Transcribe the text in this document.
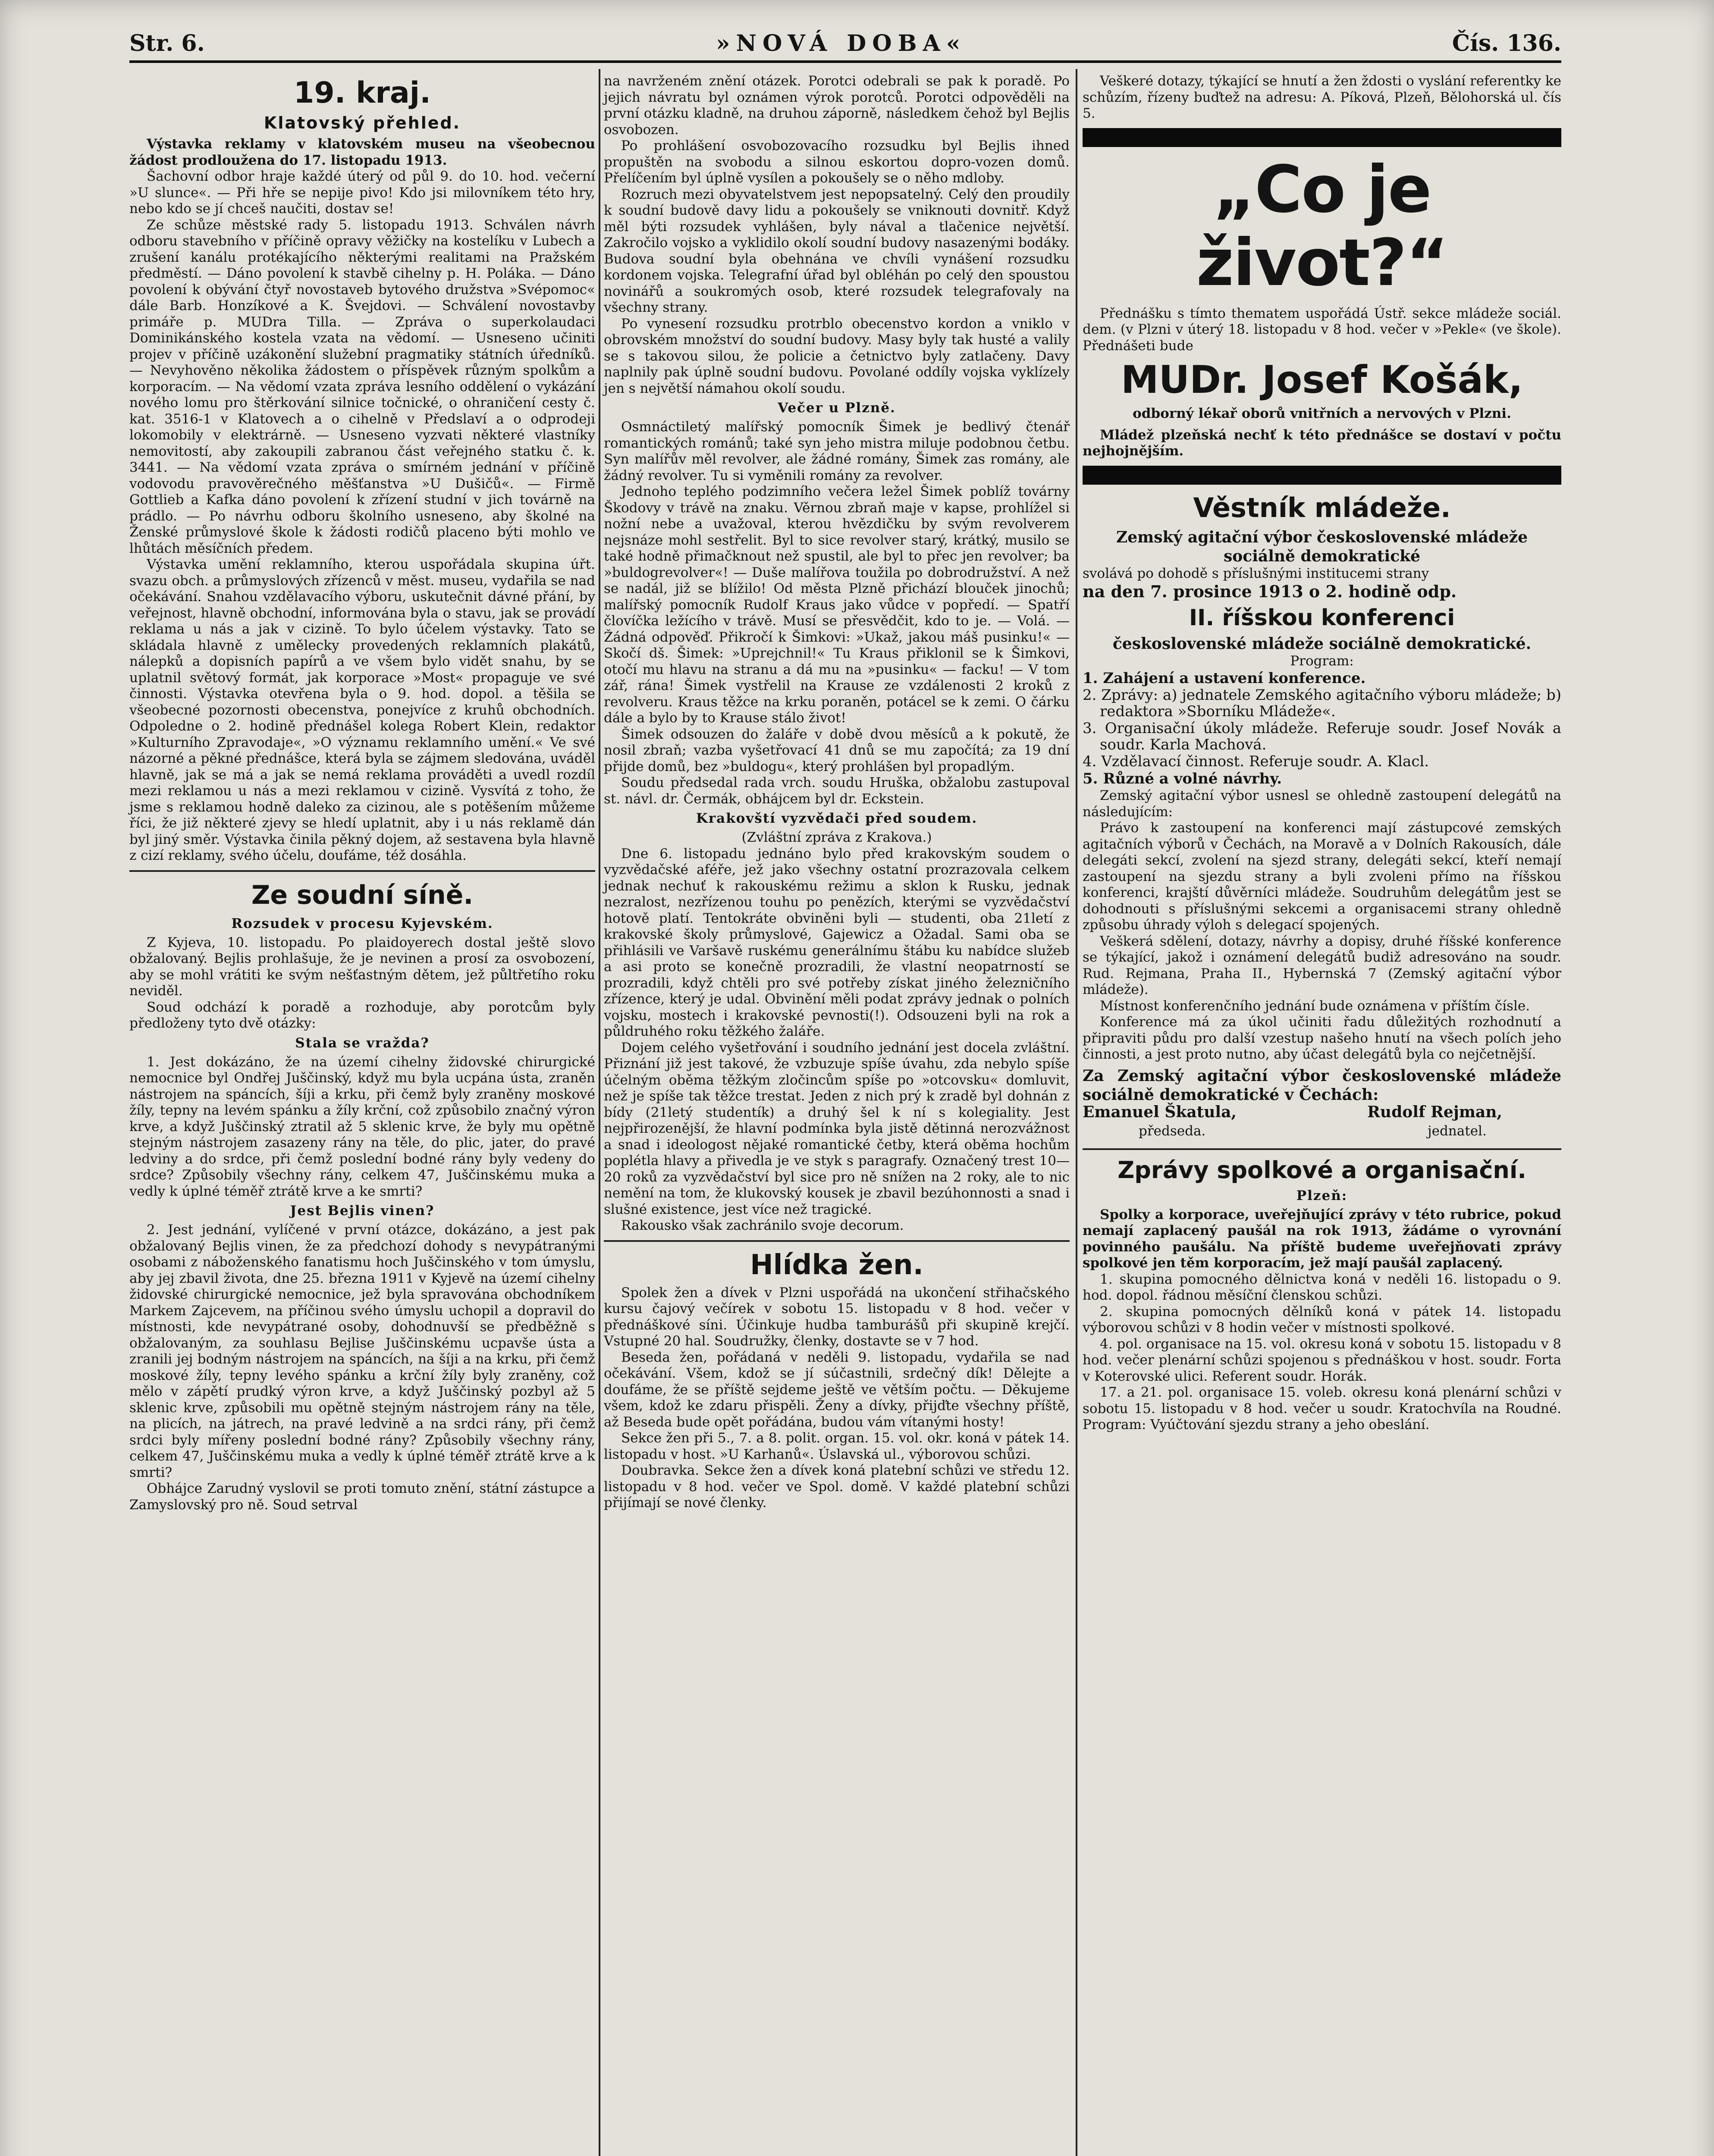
Str. 6.	»NOVÁ DOBA«	Čís. 136.
19. kraj.
Klatovský přehled.

Výstavka reklamy v klatovském museu na všeobecnou žádost prodloužena do 17. listopadu 1913.

Šachovní odbor hraje každé úterý od půl 9. do 10. hod. večerní »U slunce«. — Při hře se nepije pivo! Kdo jsi milovníkem této hry, nebo kdo se jí chceš naučiti, dostav se!

Ze schůze městské rady 5. listopadu 1913. Schválen návrh odboru stavebního v příčině opravy věžičky na kostelíku v Lubech a zrušení kanálu protékajícího některými realitami na Pražském předměstí. — Dáno povolení k stavbě cihelny p. H. Poláka. — Dáno povolení k obývání čtyř novostaveb bytového družstva »Svépomoc« dále Barb. Honzíkové a K. Švejdovi. — Schválení novostavby primáře p. MUDra Tilla. — Zpráva o superkolaudaci Dominikánského kostela vzata na vědomí. — Usneseno učiniti projev v příčině uzákonění služební pragmatiky státních úředníků. — Nevyhověno několika žádostem o příspěvek různým spolkům a korporacím. — Na vědomí vzata zpráva lesního oddělení o vykázání nového lomu pro štěrkování silnice točnické, o ohraničení cesty č. kat. 3516-1 v Klatovech a o cihelně v Předslaví a o odprodeji lokomobily v elektrárně. — Usneseno vyzvati některé vlastníky nemovitostí, aby zakoupili zabranou část veřejného statku č. k. 3441. — Na vědomí vzata zpráva o smírném jednání v příčině vodovodu pravověrečného měšťanstva »U Dušičů«. — Firmě Gottlieb a Kafka dáno povolení k zřízení studní v jich továrně na prádlo. — Po návrhu odboru školního usneseno, aby školné na Ženské průmyslové škole k žádosti rodičů placeno býti mohlo ve lhůtách měsíčních předem.

Výstavka umění reklamního, kterou uspořádala skupina úřt. svazu obch. a průmyslových zřízenců v měst. museu, vydařila se nad očekávání. Snahou vzdělavacího výboru, uskutečnit dávné přání, by veřejnost, hlavně obchodní, informována byla o stavu, jak se provádí reklama u nás a jak v cizině. To bylo účelem výstavky. Tato se skládala hlavně z umělecky provedených reklamních plakátů, nálepků a dopisních papírů a ve všem bylo vidět snahu, by se uplatnil světový formát, jak korporace »Most« propaguje ve své činnosti. Výstavka otevřena byla o 9. hod. dopol. a těšila se všeobecné pozornosti obecenstva, ponejvíce z kruhů obchodních. Odpoledne o 2. hodině přednášel kolega Robert Klein, redaktor »Kulturního Zpravodaje«, »O významu reklamního umění.« Ve své názorné a pěkné přednášce, která byla se zájmem sledována, uváděl hlavně, jak se má a jak se nemá reklama prováděti a uvedl rozdíl mezi reklamou u nás a mezi reklamou v cizině. Vysvítá z toho, že jsme s reklamou hodně daleko za cizinou, ale s potěšením můžeme říci, že již některé zjevy se hledí uplatnit, aby i u nás reklamě dán byl jiný směr. Výstavka činila pěkný dojem, až sestavena byla hlavně z cizí reklamy, svého účelu, doufáme, též dosáhla.

Ze soudní síně.
Rozsudek v procesu Kyjevském.

Z Kyjeva, 10. listopadu. Po plaidoyerech dostal ještě slovo obžalovaný. Bejlis prohlašuje, že je nevinen a prosí za osvobození, aby se mohl vrátiti ke svým nešťastným dětem, jež půltřetího roku neviděl.

Soud odchází k poradě a rozhoduje, aby porotcům byly předloženy tyto dvě otázky:

Stala se vražda?

1. Jest dokázáno, že na území cihelny židovské chirurgické nemocnice byl Ondřej Juščinský, když mu byla ucpána ústa, zraněn nástrojem na spáncích, šíji a krku, při čemž byly zraněny moskové žíly, tepny na levém spánku a žíly krční, což způsobilo značný výron krve, a když Juščinský ztratil až 5 sklenic krve, že byly mu opětně stejným nástrojem zasazeny rány na těle, do plic, jater, do pravé ledviny a do srdce, při čemž poslední bodné rány byly vedeny do srdce? Způsobily všechny rány, celkem 47, Juščinskému muka a vedly k úplné téměř ztrátě krve a ke smrti?

Jest Bejlis vinen?

2. Jest jednání, vylíčené v první otázce, dokázáno, a jest pak obžalovaný Bejlis vinen, že za předchozí dohody s nevypátranými osobami z náboženského fanatismu hoch Juščinského v tom úmyslu, aby jej zbavil života, dne 25. března 1911 v Kyjevě na území cihelny židovské chirurgické nemocnice, jež byla spravována obchodníkem Markem Zajcevem, na příčinou svého úmyslu uchopil a dopravil do místnosti, kde nevypátrané osoby, dohodnuvší se předběžně s obžalovaným, za souhlasu Bejlise Juščinskému ucpavše ústa a zranili jej bodným nástrojem na spáncích, na šíji a na krku, při čemž moskové žíly, tepny levého spánku a krční žíly byly zraněny, což mělo v zápětí prudký výron krve, a když Juščinský pozbyl až 5 sklenic krve, způsobili mu opětně stejným nástrojem rány na těle, na plicích, na játrech, na pravé ledvině a na srdci rány, při čemž srdci byly mířeny poslední bodné rány? Způsobily všechny rány, celkem 47, Juščinskému muka a vedly k úplné téměř ztrátě krve a k smrti?

Obhájce Zarudný vyslovil se proti tomuto znění, státní zástupce a Zamyslovský pro ně. Soud setrval

na navrženém znění otázek. Porotci odebrali se pak k poradě. Po jejich návratu byl oznámen výrok porotců. Porotci odpověděli na první otázku kladně, na druhou záporně, následkem čehož byl Bejlis osvobozen.

Po prohlášení osvobozovacího rozsudku byl Bejlis ihned propuštěn na svobodu a silnou eskortou dopro-vozen domů. Přelíčením byl úplně vysílen a pokoušely se o něho mdloby.

Rozruch mezi obyvatelstvem jest nepopsatelný. Celý den proudily k soudní budově davy lidu a pokoušely se vniknouti dovnitř. Když měl býti rozsudek vyhlášen, byly nával a tlačenice největší. Zakročilo vojsko a vyklidilo okolí soudní budovy nasazenými bodáky. Budova soudní byla obehnána ve chvíli vynášení rozsudku kordonem vojska. Telegrafní úřad byl obléhán po celý den spoustou novinářů a soukromých osob, které rozsudek telegrafovaly na všechny strany.

Po vynesení rozsudku protrblo obecenstvo kordon a vniklo v obrovském množství do soudní budovy. Masy byly tak husté a valily se s takovou silou, že policie a četnictvo byly zatlačeny. Davy naplnily pak úplně soudní budovu. Povolané oddíly vojska vyklízely jen s největší námahou okolí soudu.

Večer u Plzně.

Osmnáctiletý malířský pomocník Šimek je bedlivý čtenář romantických románů; také syn jeho mistra miluje podobnou četbu. Syn malířův měl revolver, ale žádné romány, Šimek zas romány, ale žádný revolver. Tu si vyměnili romány za revolver.

Jednoho teplého podzimního večera ležel Šimek poblíž továrny Škodovy v trávě na znaku. Věrnou zbraň maje v kapse, prohlížel si nožní nebe a uvažoval, kterou hvězdičku by svým revolverem nejsnáze mohl sestřelit. Byl to sice revolver starý, krátký, musilo se také hodně přimačknout než spustil, ale byl to přec jen revolver; ba »buldogrevolver«! — Duše malířova toužila po dobrodružství. A než se nadál, již se blížilo! Od města Plzně přichází blouček jinochů; malířský pomocník Rudolf Kraus jako vůdce v popředí. — Spatří človíčka ležícího v trávě. Musí se přesvědčit, kdo to je. — Volá. — Žádná odpověď. Přikročí k Šimkovi: »Ukaž, jakou máš pusinku!« — Skočí dš. Šimek: »Uprejchnil!« Tu Kraus přiklonil se k Šimkovi, otočí mu hlavu na stranu a dá mu na »pusinku« — facku! — V tom zář, rána! Šimek vystřelil na Krause ze vzdálenosti 2 kroků z revolveru. Kraus těžce na krku poraněn, potácel se k zemi. O čárku dále a bylo by to Krause stálo život!

Šimek odsouzen do žaláře v době dvou měsíců a k pokutě, že nosil zbraň; vazba vyšetřovací 41 dnů se mu započítá; za 19 dní přijde domů, bez »buldogu«, který prohlášen byl propadlým.

Soudu předsedal rada vrch. soudu Hruška, obžalobu zastupoval st. návl. dr. Čermák, obhájcem byl dr. Eckstein.

Krakovští vyzvědači před soudem.
(Zvláštní zpráva z Krakova.)

Dne 6. listopadu jednáno bylo před krakovským soudem o vyzvědačské aféře, jež jako všechny ostatní prozrazovala celkem jednak nechuť k rakouskému režimu a sklon k Rusku, jednak nezralost, nezřízenou touhu po penězích, kterými se vyzvědačství hotově platí. Tentokráte obviněni byli — studenti, oba 21letí z krakovské školy průmyslové, Gajewicz a Ožadal. Sami oba se přihlásili ve Varšavě ruskému generálnímu štábu ku nabídce služeb a asi proto se konečně prozradili, že vlastní neopatrností se prozradili, když chtěli pro své potřeby získat jiného železničního zřízence, který je udal. Obvinění měli podat zprávy jednak o polních vojsku, mostech i krakovské pevnosti(!). Odsouzeni byli na rok a půldruhého roku těžkého žaláře.

Dojem celého vyšetřování i soudního jednání jest docela zvláštní. Přiznání již jest takové, že vzbuzuje spíše úvahu, zda nebylo spíše účelným oběma těžkým zločincům spíše po »otcovsku« domluvit, než je spíše tak těžce trestat. Jeden z nich prý k zradě byl dohnán z bídy (21letý studentík) a druhý šel k ní s kolegiality. Jest nejpřirozenější, že hlavní podmínka byla jistě dětinná nerozvážnost a snad i ideologost nějaké romantické četby, která oběma hochům poplétla hlavy a přivedla je ve styk s paragrafy. Označený trest 10—20 roků za vyzvědačství byl sice pro ně snížen na 2 roky, ale to nic nemění na tom, že klukovský kousek je zbavil bezúhonnosti a snad i slušné existence, jest více než tragické.

Rakousko však zachránilo svoje decorum.

Hlídka žen.

Spolek žen a dívek v Plzni uspořádá na ukončení střihačského kursu čajový večírek v sobotu 15. listopadu v 8 hod. večer v přednáškové síni. Účinkuje hudba tamburášů při skupině krejčí. Vstupné 20 hal. Soudružky, členky, dostavte se v 7 hod.

Beseda žen, pořádaná v neděli 9. listopadu, vydařila se nad očekávání. Všem, kdož se jí súčastnili, srdečný dík! Dělejte a doufáme, že se příště sejdeme ještě ve větším počtu. — Děkujeme všem, kdož ke zdaru přispěli. Ženy a dívky, přijďte všechny příště, až Beseda bude opět pořádána, budou vám vítanými hosty!

Sekce žen při 5., 7. a 8. polit. organ. 15. vol. okr. koná v pátek 14. listopadu v host. »U Karhanů«. Úslavská ul., výborovou schůzi.

Doubravka. Sekce žen a dívek koná platební schůzi ve středu 12. listopadu v 8 hod. večer ve Spol. domě. V každé platební schůzi přijímají se nové členky.

Veškeré dotazy, týkající se hnutí a žen ždosti o vyslání referentky ke schůzím, řízeny buďtež na adresu: A. Píková, Plzeň, Bělohorská ul. čís 5.

„Co je život?“

Přednášku s tímto thematem uspořádá Ústř. sekce mládeže sociál. dem. (v Plzni v úterý 18. listopadu v 8 hod. večer v »Pekle« (ve škole). Přednášeti bude

MUDr. Josef Košák,
odborný lékař oborů vnitřních a nervových v Plzni.

Mládež plzeňská nechť k této přednášce se dostaví v počtu nejhojnějším.

Věstník mládeže.
Zemský agitační výbor československé mládeže sociálně demokratické
svolává po dohodě s příslušnými institucemi strany
na den 7. prosince 1913 o 2. hodině odp.
II. říšskou konferenci
československé mládeže sociálně demokratické.
Program:
1. Zahájení a ustavení konference.
2. Zprávy: a) jednatele Zemského agitačního výboru mládeže; b) redaktora »Sborníku Mládeže«.
3. Organisační úkoly mládeže. Referuje soudr. Josef Novák a soudr. Karla Machová.
4. Vzdělavací činnost. Referuje soudr. A. Klacl.
5. Různé a volné návrhy.

Zemský agitační výbor usnesl se ohledně zastoupení delegátů na následujícím:

Právo k zastoupení na konferenci mají zástupcové zemských agitačních výborů v Čechách, na Moravě a v Dolních Rakousích, dále delegáti sekcí, zvolení na sjezd strany, delegáti sekcí, kteří nemají zastoupení na sjezdu strany a byli zvoleni přímo na říšskou konferenci, krajští důvěrníci mládeže. Soudruhům delegátům jest se dohodnouti s příslušnými sekcemi a organisacemi strany ohledně způsobu úhrady výloh s delegací spojených.

Veškerá sdělení, dotazy, návrhy a dopisy, druhé říšské konference se týkající, jakož i oznámení delegátů budiž adresováno na soudr. Rud. Rejmana, Praha II., Hybernská 7 (Zemský agitační výbor mládeže).

Místnost konferenčního jednání bude oznámena v příštím čísle.

Konference má za úkol učiniti řadu důležitých rozhodnutí a připraviti půdu pro další vzestup našeho hnutí na všech polích jeho činnosti, a jest proto nutno, aby účast delegátů byla co nejčetnější.

Za Zemský agitační výbor československé mládeže sociálně demokratické v Čechách:
Emanuel Škatula,	Rudolf Rejman,
předseda.	jednatel.
Zprávy spolkové a organisační.
Plzeň:

Spolky a korporace, uveřejňující zprávy v této rubrice, pokud nemají zaplacený paušál na rok 1913, žádáme o vyrovnání povinného paušálu. Na příště budeme uveřejňovati zprávy spolkové jen těm korporacím, jež mají paušál zaplacený.

1. skupina pomocného dělnictva koná v neděli 16. listopadu o 9. hod. dopol. řádnou měsíční členskou schůzi.

2. skupina pomocných dělníků koná v pátek 14. listopadu výborovou schůzi v 8 hodin večer v místnosti spolkové.

4. pol. organisace na 15. vol. okresu koná v sobotu 15. listopadu v 8 hod. večer plenární schůzi spojenou s přednáškou v host. soudr. Forta v Koterovské ulici. Referent soudr. Horák.

17. a 21. pol. organisace 15. voleb. okresu koná plenární schůzi v sobotu 15. listopadu v 8 hod. večer u soudr. Kratochvíla na Roudné. Program: Vyúčtování sjezdu strany a jeho obeslání.
